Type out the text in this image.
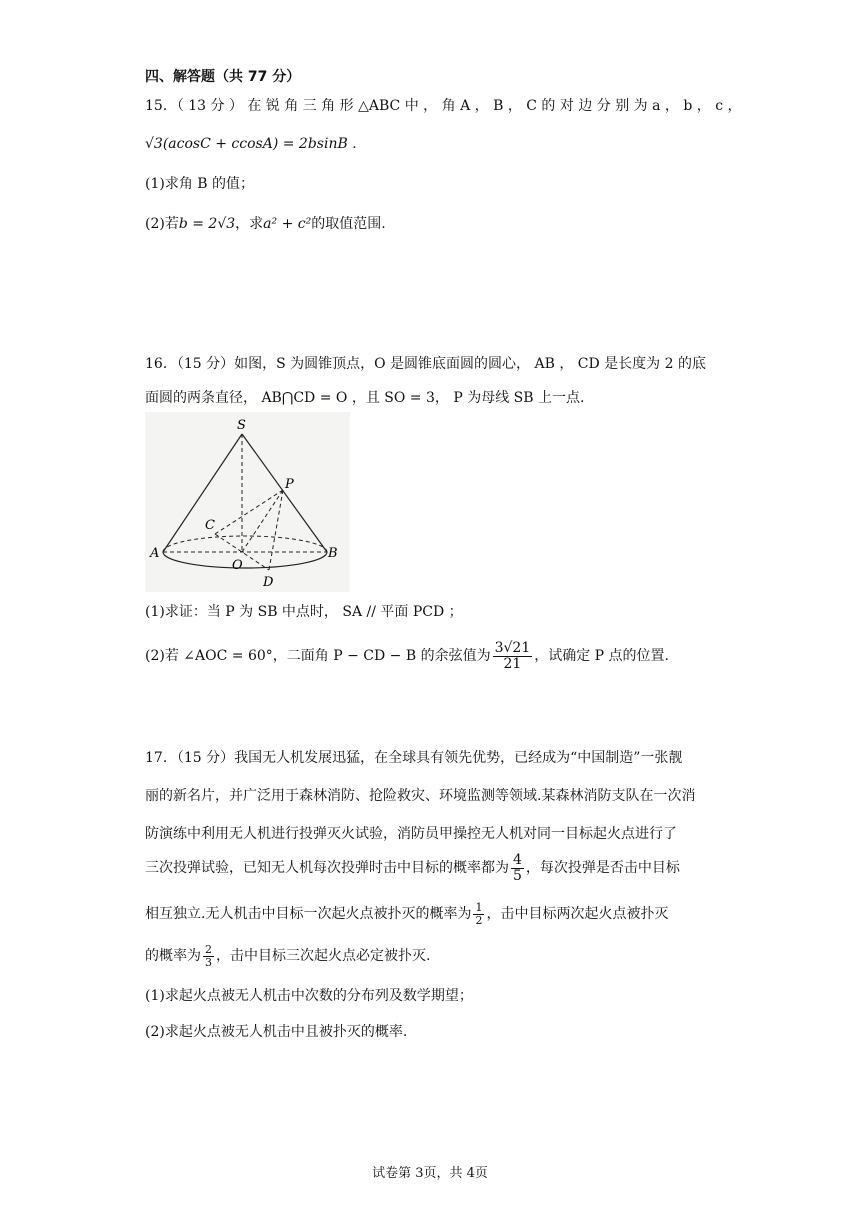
四、解答题（共 77 分）
15．（ 13 分 ） 在 锐 角 三 角 形 △ABC 中 ， 角 A ， B ， C 的 对 边 分 别 为 a ， b ， c ，
√3(acosC + ccosA) = 2bsinB .
(1)求角 B 的值；
(2)若b = 2√3，求a² + c²的取值范围.
16．（15 分）如图，S 为圆锥顶点，O 是圆锥底面圆的圆心， AB ， CD 是长度为 2 的底
面圆的两条直径， AB⋂CD = O ，且 SO = 3， P 为母线 SB 上一点.
S
P
C
A	B
O
D
(1)求证：当 P 为 SB 中点时， SA // 平面 PCD ；
(2)若 ∠AOC = 60°，二面角 P − CD − B 的余弦值为 $\frac{3√21}{21}$ ，试确定 P 点的位置.
17．（15 分）我国无人机发展迅猛，在全球具有领先优势，已经成为“中国制造”一张靓
丽的新名片，并广泛用于森林消防、抢险救灾、环境监测等领域.某森林消防支队在一次消
防演练中利用无人机进行投弹灭火试验，消防员甲操控无人机对同一目标起火点进行了
三次投弹试验，已知无人机每次投弹时击中目标的概率都为 $\frac{4}{5}$ ，每次投弹是否击中目标
相互独立.无人机击中目标一次起火点被扑灭的概率为 $\frac{1}{2}$ ，击中目标两次起火点被扑灭
的概率为 $\frac{2}{3}$ ，击中目标三次起火点必定被扑灭.
(1)求起火点被无人机击中次数的分布列及数学期望；
(2)求起火点被无人机击中且被扑灭的概率.
试卷第 3页，共 4页
